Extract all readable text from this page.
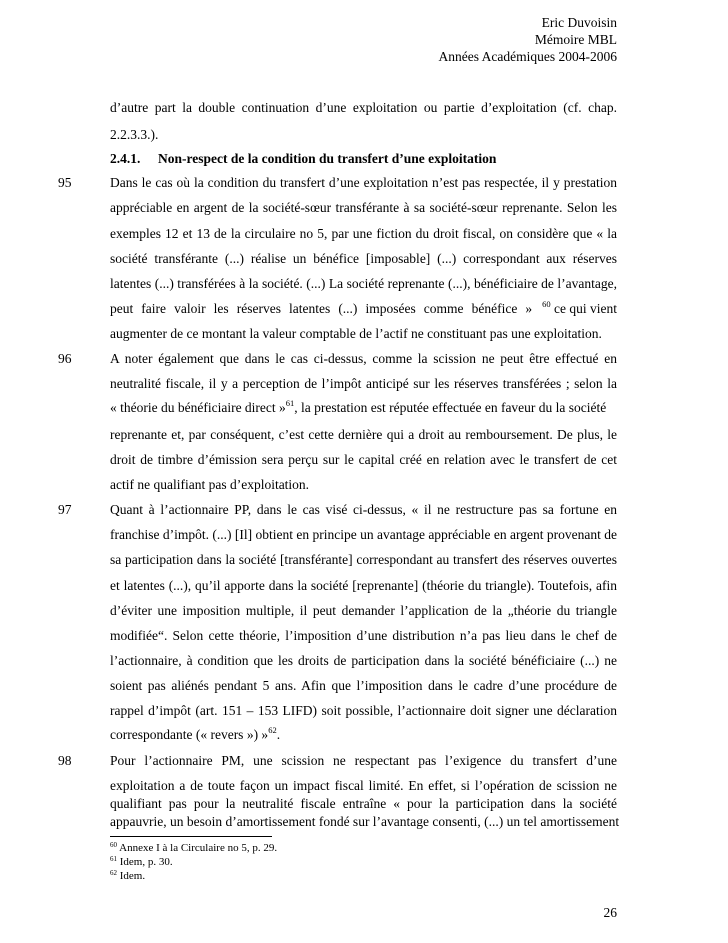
Eric Duvoisin
Mémoire MBL
Années Académiques 2004-2006
d’autre part la double continuation d’une exploitation ou partie d’exploitation (cf. chap.
2.2.3.3.).
2.4.1. Non-respect de la condition du transfert d’une exploitation
95	Dans le cas où la condition du transfert d’une exploitation n’est pas respectée, il y prestation
appréciable en argent de la société-sœur transférante à sa société-sœur reprenante. Selon les
exemples 12 et 13 de la circulaire no 5, par une fiction du droit fiscal, on considère que « la
société transférante (...) réalise un bénéfice [imposable] (...) correspondant aux réserves
latentes (...) transférées à la société. (...) La société reprenante (...), bénéficiaire de l’avantage,
peut faire valoir les réserves latentes (...) imposées comme bénéfice » $^{60}$ ce qui vient
augmenter de ce montant la valeur comptable de l’actif ne constituant pas une exploitation.
96	A noter également que dans le cas ci-dessus, comme la scission ne peut être effectué en
neutralité fiscale, il y a perception de l’impôt anticipé sur les réserves transférées ; selon la
« théorie du bénéficiaire direct »$^{61}$, la prestation est réputée effectuée en faveur du la société
reprenante et, par conséquent, c’est cette dernière qui a droit au remboursement. De plus, le
droit de timbre d’émission sera perçu sur le capital créé en relation avec le transfert de cet
actif ne qualifiant pas d’exploitation.
97	Quant à l’actionnaire PP, dans le cas visé ci-dessus, « il ne restructure pas sa fortune en
franchise d’impôt. (...) [Il] obtient en principe un avantage appréciable en argent provenant de
sa participation dans la société [transférante] correspondant au transfert des réserves ouvertes
et latentes (...), qu’il apporte dans la société [reprenante] (théorie du triangle). Toutefois, afin
d’éviter une imposition multiple, il peut demander l’application de la „théorie du triangle
modifiée“. Selon cette théorie, l’imposition d’une distribution n’a pas lieu dans le chef de
l’actionnaire, à condition que les droits de participation dans la société bénéficiaire (...) ne
soient pas aliénés pendant 5 ans. Afin que l’imposition dans le cadre d’une procédure de
rappel d’impôt (art. 151 – 153 LIFD) soit possible, l’actionnaire doit signer une déclaration
correspondante (« revers ») »$^{62}$.
98	Pour l’actionnaire PM, une scission ne respectant pas l’exigence du transfert d’une
exploitation a de toute façon un impact fiscal limité. En effet, si l’opération de scission ne
qualifiant pas pour la neutralité fiscale entraîne « pour la participation dans la société
appauvrie, un besoin d’amortissement fondé sur l’avantage consenti, (...) un tel amortissement
$^{60}$ Annexe I à la Circulaire no 5, p. 29.
$^{61}$ Idem, p. 30.
$^{62}$ Idem.
26
